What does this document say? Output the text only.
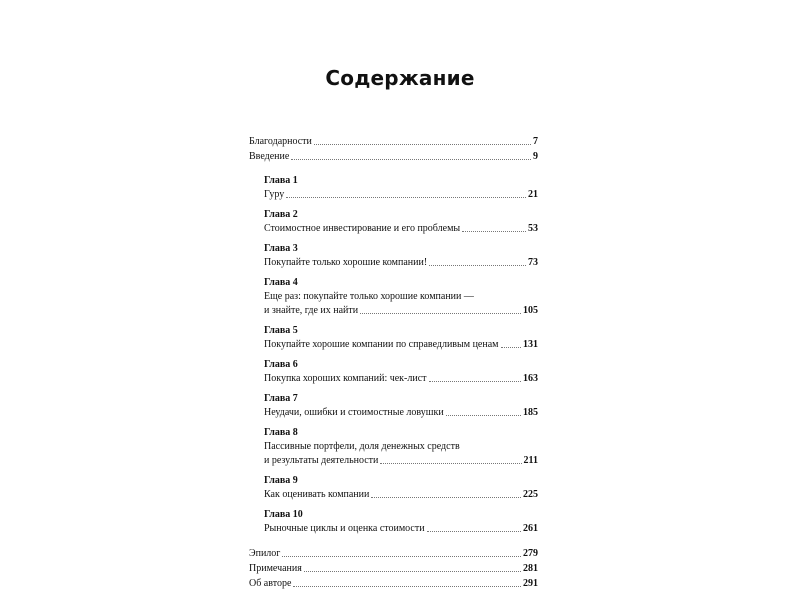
Содержание
Благодарности	7
Введение	9
Глава 1
Гуру	21
Глава 2
Стоимостное инвестирование и его проблемы	53
Глава 3
Покупайте только хорошие компании!	73
Глава 4
Еще раз: покупайте только хорошие компании —
и знайте, где их найти	105
Глава 5
Покупайте хорошие компании по справедливым ценам 131
Глава 6
Покупка хороших компаний: чек-лист	163
Глава 7
Неудачи, ошибки и стоимостные ловушки	185
Глава 8
Пассивные портфели, доля денежных средств
и результаты деятельности	211
Глава 9
Как оценивать компании	225
Глава 10
Рыночные циклы и оценка стоимости	261
Эпилог	279
Примечания	281
Об авторе	291
